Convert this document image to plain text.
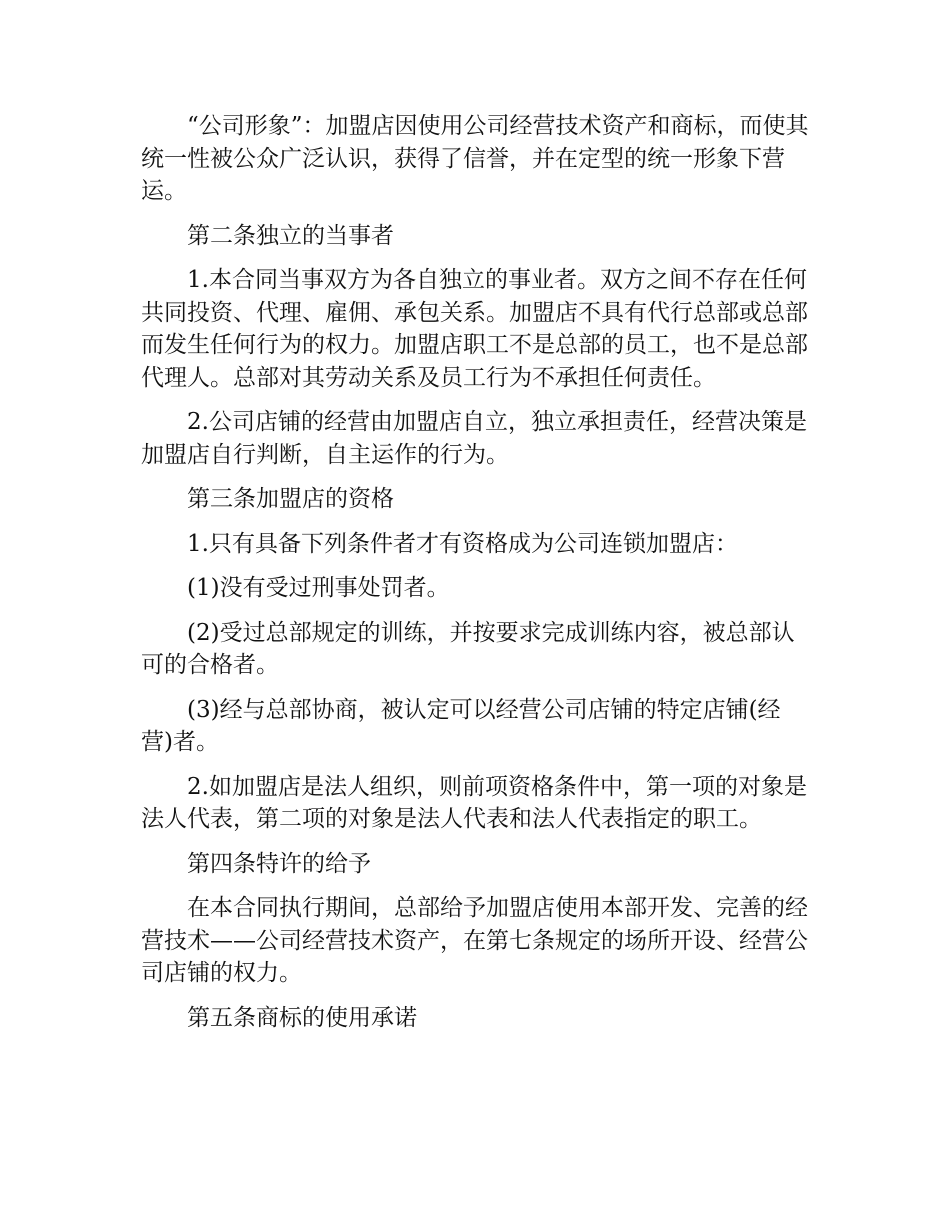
“公司形象”：加盟店因使用公司经营技术资产和商标，而使其统一性被公众广泛认识，获得了信誉，并在定型的统一形象下营运。

第二条独立的当事者

1.本合同当事双方为各自独立的事业者。双方之间不存在任何共同投资、代理、雇佣、承包关系。加盟店不具有代行总部或总部而发生任何行为的权力。加盟店职工不是总部的员工，也不是总部代理人。总部对其劳动关系及员工行为不承担任何责任。

2.公司店铺的经营由加盟店自立，独立承担责任，经营决策是加盟店自行判断，自主运作的行为。

第三条加盟店的资格

1.只有具备下列条件者才有资格成为公司连锁加盟店：

(1)没有受过刑事处罚者。

(2)受过总部规定的训练，并按要求完成训练内容，被总部认可的合格者。

(3)经与总部协商，被认定可以经营公司店铺的特定店铺(经营)者。

2.如加盟店是法人组织，则前项资格条件中，第一项的对象是法人代表，第二项的对象是法人代表和法人代表指定的职工。

第四条特许的给予

在本合同执行期间，总部给予加盟店使用本部开发、完善的经营技术——公司经营技术资产，在第七条规定的场所开设、经营公司店铺的权力。

第五条商标的使用承诺
